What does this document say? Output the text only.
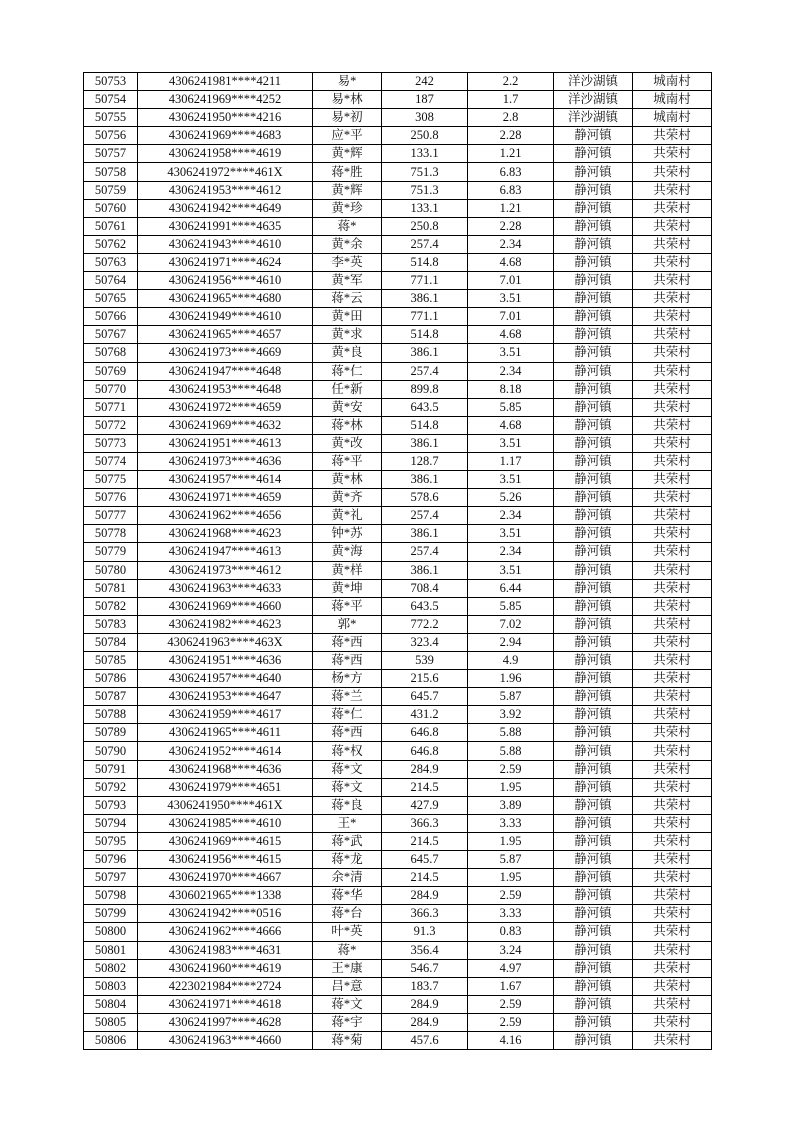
50753	4306241981****4211	易*	242	2.2	洋沙湖镇	城南村
50754	4306241969****4252	易*林	187	1.7	洋沙湖镇	城南村
50755	4306241950****4216	易*初	308	2.8	洋沙湖镇	城南村
50756	4306241969****4683	应*平	250.8	2.28	静河镇	共荣村
50757	4306241958****4619	黄*辉	133.1	1.21	静河镇	共荣村
50758	4306241972****461X	蒋*胜	751.3	6.83	静河镇	共荣村
50759	4306241953****4612	黄*辉	751.3	6.83	静河镇	共荣村
50760	4306241942****4649	黄*珍	133.1	1.21	静河镇	共荣村
50761	4306241991****4635	蒋*	250.8	2.28	静河镇	共荣村
50762	4306241943****4610	黄*余	257.4	2.34	静河镇	共荣村
50763	4306241971****4624	李*英	514.8	4.68	静河镇	共荣村
50764	4306241956****4610	黄*军	771.1	7.01	静河镇	共荣村
50765	4306241965****4680	蒋*云	386.1	3.51	静河镇	共荣村
50766	4306241949****4610	黄*田	771.1	7.01	静河镇	共荣村
50767	4306241965****4657	黄*求	514.8	4.68	静河镇	共荣村
50768	4306241973****4669	黄*良	386.1	3.51	静河镇	共荣村
50769	4306241947****4648	蒋*仁	257.4	2.34	静河镇	共荣村
50770	4306241953****4648	任*新	899.8	8.18	静河镇	共荣村
50771	4306241972****4659	黄*安	643.5	5.85	静河镇	共荣村
50772	4306241969****4632	蒋*林	514.8	4.68	静河镇	共荣村
50773	4306241951****4613	黄*改	386.1	3.51	静河镇	共荣村
50774	4306241973****4636	蒋*平	128.7	1.17	静河镇	共荣村
50775	4306241957****4614	黄*林	386.1	3.51	静河镇	共荣村
50776	4306241971****4659	黄*齐	578.6	5.26	静河镇	共荣村
50777	4306241962****4656	黄*礼	257.4	2.34	静河镇	共荣村
50778	4306241968****4623	钟*苏	386.1	3.51	静河镇	共荣村
50779	4306241947****4613	黄*海	257.4	2.34	静河镇	共荣村
50780	4306241973****4612	黄*样	386.1	3.51	静河镇	共荣村
50781	4306241963****4633	黄*坤	708.4	6.44	静河镇	共荣村
50782	4306241969****4660	蒋*平	643.5	5.85	静河镇	共荣村
50783	4306241982****4623	郭*	772.2	7.02	静河镇	共荣村
50784	4306241963****463X	蒋*西	323.4	2.94	静河镇	共荣村
50785	4306241951****4636	蒋*西	539	4.9	静河镇	共荣村
50786	4306241957****4640	杨*方	215.6	1.96	静河镇	共荣村
50787	4306241953****4647	蒋*兰	645.7	5.87	静河镇	共荣村
50788	4306241959****4617	蒋*仁	431.2	3.92	静河镇	共荣村
50789	4306241965****4611	蒋*西	646.8	5.88	静河镇	共荣村
50790	4306241952****4614	蒋*权	646.8	5.88	静河镇	共荣村
50791	4306241968****4636	蒋*文	284.9	2.59	静河镇	共荣村
50792	4306241979****4651	蒋*文	214.5	1.95	静河镇	共荣村
50793	4306241950****461X	蒋*良	427.9	3.89	静河镇	共荣村
50794	4306241985****4610	王*	366.3	3.33	静河镇	共荣村
50795	4306241969****4615	蒋*武	214.5	1.95	静河镇	共荣村
50796	4306241956****4615	蒋*龙	645.7	5.87	静河镇	共荣村
50797	4306241970****4667	余*清	214.5	1.95	静河镇	共荣村
50798	4306021965****1338	蒋*华	284.9	2.59	静河镇	共荣村
50799	4306241942****0516	蒋*台	366.3	3.33	静河镇	共荣村
50800	4306241962****4666	叶*英	91.3	0.83	静河镇	共荣村
50801	4306241983****4631	蒋*	356.4	3.24	静河镇	共荣村
50802	4306241960****4619	王*康	546.7	4.97	静河镇	共荣村
50803	4223021984****2724	吕*意	183.7	1.67	静河镇	共荣村
50804	4306241971****4618	蒋*文	284.9	2.59	静河镇	共荣村
50805	4306241997****4628	蒋*宇	284.9	2.59	静河镇	共荣村
50806	4306241963****4660	蒋*菊	457.6	4.16	静河镇	共荣村
